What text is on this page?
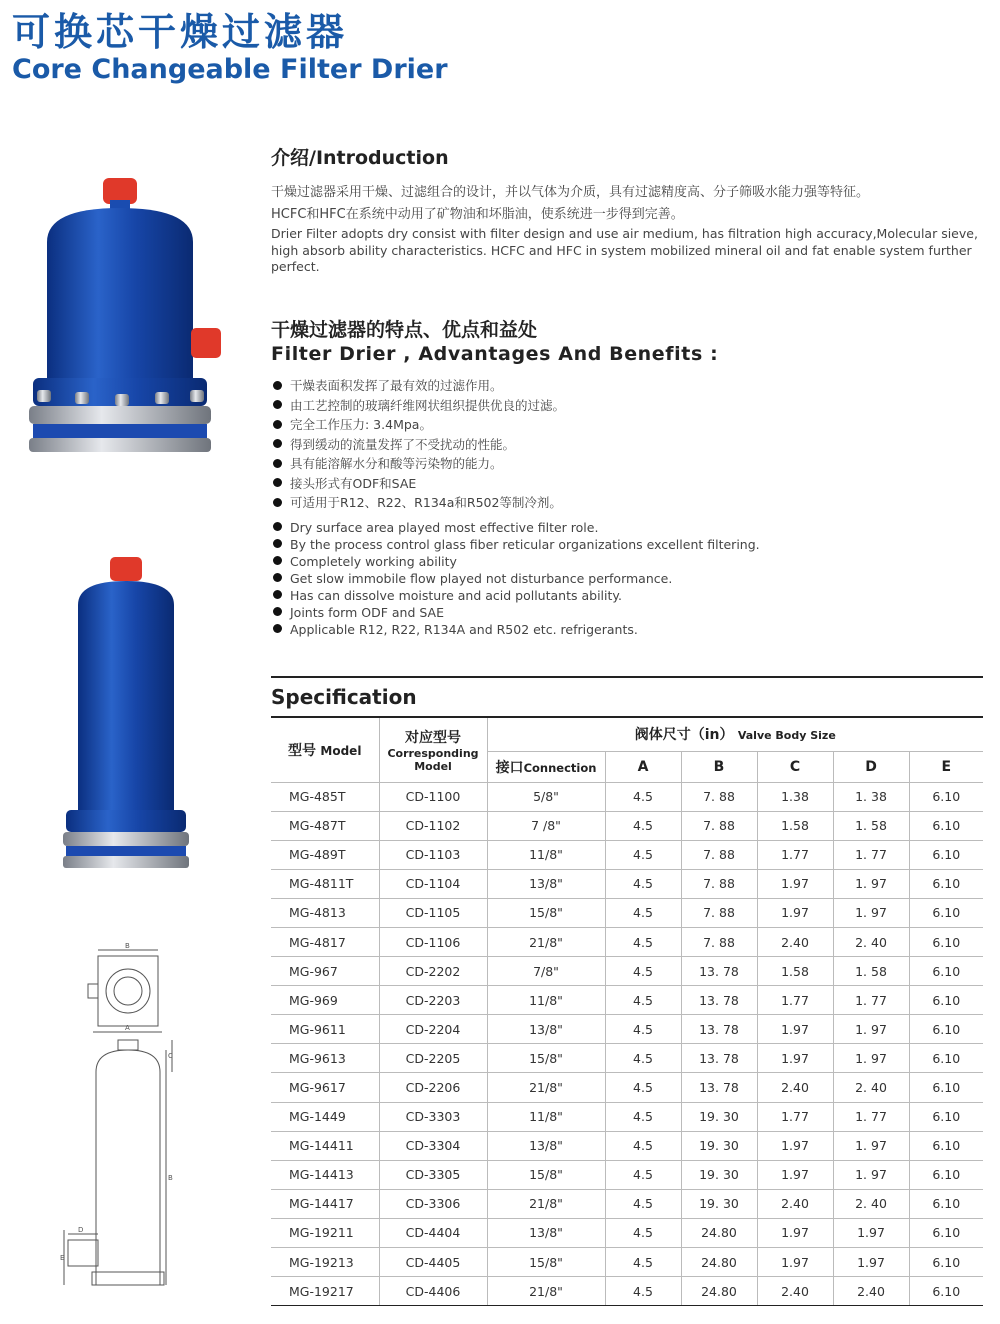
可换芯干燥过滤器
Core Changeable Filter Drier
B
A
C
B
D
E
介绍/Introduction

干燥过滤器采用干燥、过滤组合的设计，并以气体为介质，具有过滤精度高、分子筛吸水能力强等特征。

HCFC和HFC在系统中动用了矿物油和坏脂油，使系统进一步得到完善。

Drier Filter adopts dry consist with filter design and use air medium, has filtration high accuracy,Molecular sieve, high absorb ability characteristics. HCFC and HFC in system mobilized mineral oil and fat enable system further perfect.

干燥过滤器的特点、优点和益处
Filter Drier , Advantages And Benefits :
干燥表面积发挥了最有效的过滤作用。
由工艺控制的玻璃纤维网状组织提供优良的过滤。
完全工作压力: 3.4Mpa。
得到缓动的流量发挥了不受扰动的性能。
具有能溶解水分和酸等污染物的能力。
接头形式有ODF和SAE
可适用于R12、R22、R134a和R502等制冷剂。
Dry surface area played most effective filter role.
By the process control glass fiber reticular organizations excellent filtering.
Completely working ability
Get slow immobile flow played not disturbance performance.
Has can dissolve moisture and acid pollutants ability.
Joints form ODF and SAE
Applicable R12, R22, R134A and R502 etc. refrigerants.
Specification
型号 Model	对应型号
Corresponding
Model	阀体尺寸（in） Valve Body Size					
		接口Connection	A	B	C	D	E
MG-485T	CD-1100	5/8"	4.5	7. 88	1.38	1. 38	6.10
MG-487T	CD-1102	7 /8"	4.5	7. 88	1.58	1. 58	6.10
MG-489T	CD-1103	11/8"	4.5	7. 88	1.77	1. 77	6.10
MG-4811T	CD-1104	13/8"	4.5	7. 88	1.97	1. 97	6.10
MG-4813	CD-1105	15/8"	4.5	7. 88	1.97	1. 97	6.10
MG-4817	CD-1106	21/8"	4.5	7. 88	2.40	2. 40	6.10
MG-967	CD-2202	7/8"	4.5	13. 78	1.58	1. 58	6.10
MG-969	CD-2203	11/8"	4.5	13. 78	1.77	1. 77	6.10
MG-9611	CD-2204	13/8"	4.5	13. 78	1.97	1. 97	6.10
MG-9613	CD-2205	15/8"	4.5	13. 78	1.97	1. 97	6.10
MG-9617	CD-2206	21/8"	4.5	13. 78	2.40	2. 40	6.10
MG-1449	CD-3303	11/8"	4.5	19. 30	1.77	1. 77	6.10
MG-14411	CD-3304	13/8"	4.5	19. 30	1.97	1. 97	6.10
MG-14413	CD-3305	15/8"	4.5	19. 30	1.97	1. 97	6.10
MG-14417	CD-3306	21/8"	4.5	19. 30	2.40	2. 40	6.10
MG-19211	CD-4404	13/8"	4.5	24.80	1.97	1.97	6.10
MG-19213	CD-4405	15/8"	4.5	24.80	1.97	1.97	6.10
MG-19217	CD-4406	21/8"	4.5	24.80	2.40	2.40	6.10
